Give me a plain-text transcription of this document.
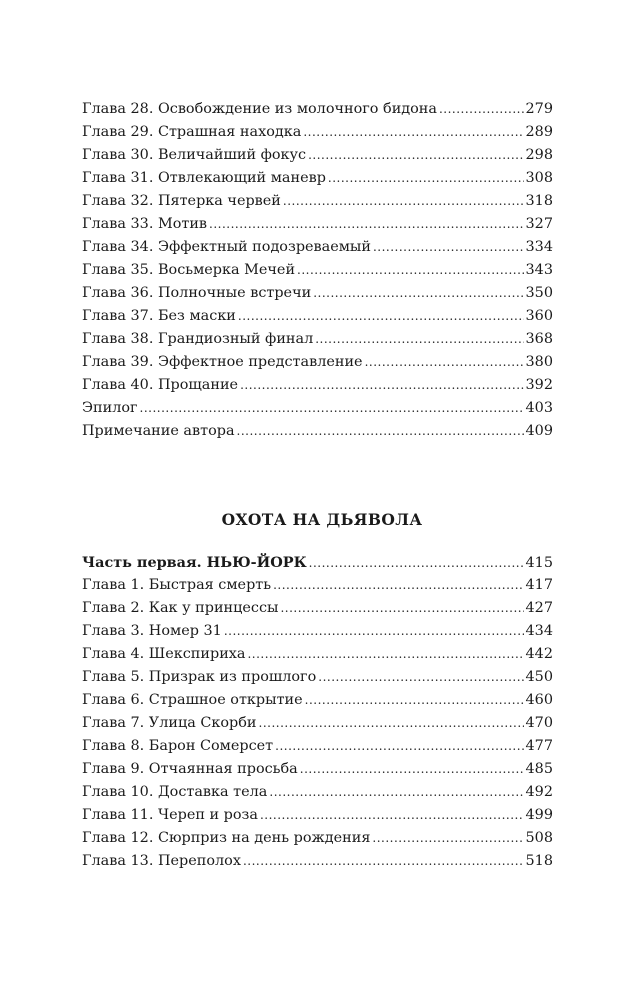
Глава 28. Освобождение из молочного бидона .....	279
Глава 29. Страшная находка .....	289
Глава 30. Величайший фокус .....	298
Глава 31. Отвлекающий маневр .....	308
Глава 32. Пятерка червей .....	318
Глава 33. Мотив .....	327
Глава 34. Эффектный подозреваемый .....	334
Глава 35. Восьмерка Мечей .....	343
Глава 36. Полночные встречи .....	350
Глава 37. Без маски .....	360
Глава 38. Грандиозный финал .....	368
Глава 39. Эффектное представление .....	380
Глава 40. Прощание .....	392
Эпилог .....	403
Примечание автора .....	409
ОХОТА НА ДЬЯВОЛА
Часть первая. НЬЮ-ЙОРК .....	415
Глава 1. Быстрая смерть .....	417
Глава 2. Как у принцессы .....	427
Глава 3. Номер 31 .....	434
Глава 4. Шекспириха .....	442
Глава 5. Призрак из прошлого .....	450
Глава 6. Страшное открытие .....	460
Глава 7. Улица Скорби .....	470
Глава 8. Барон Сомерсет .....	477
Глава 9. Отчаянная просьба .....	485
Глава 10. Доставка тела .....	492
Глава 11. Череп и роза .....	499
Глава 12. Сюрприз на день рождения .....	508
Глава 13. Переполох .....	518
